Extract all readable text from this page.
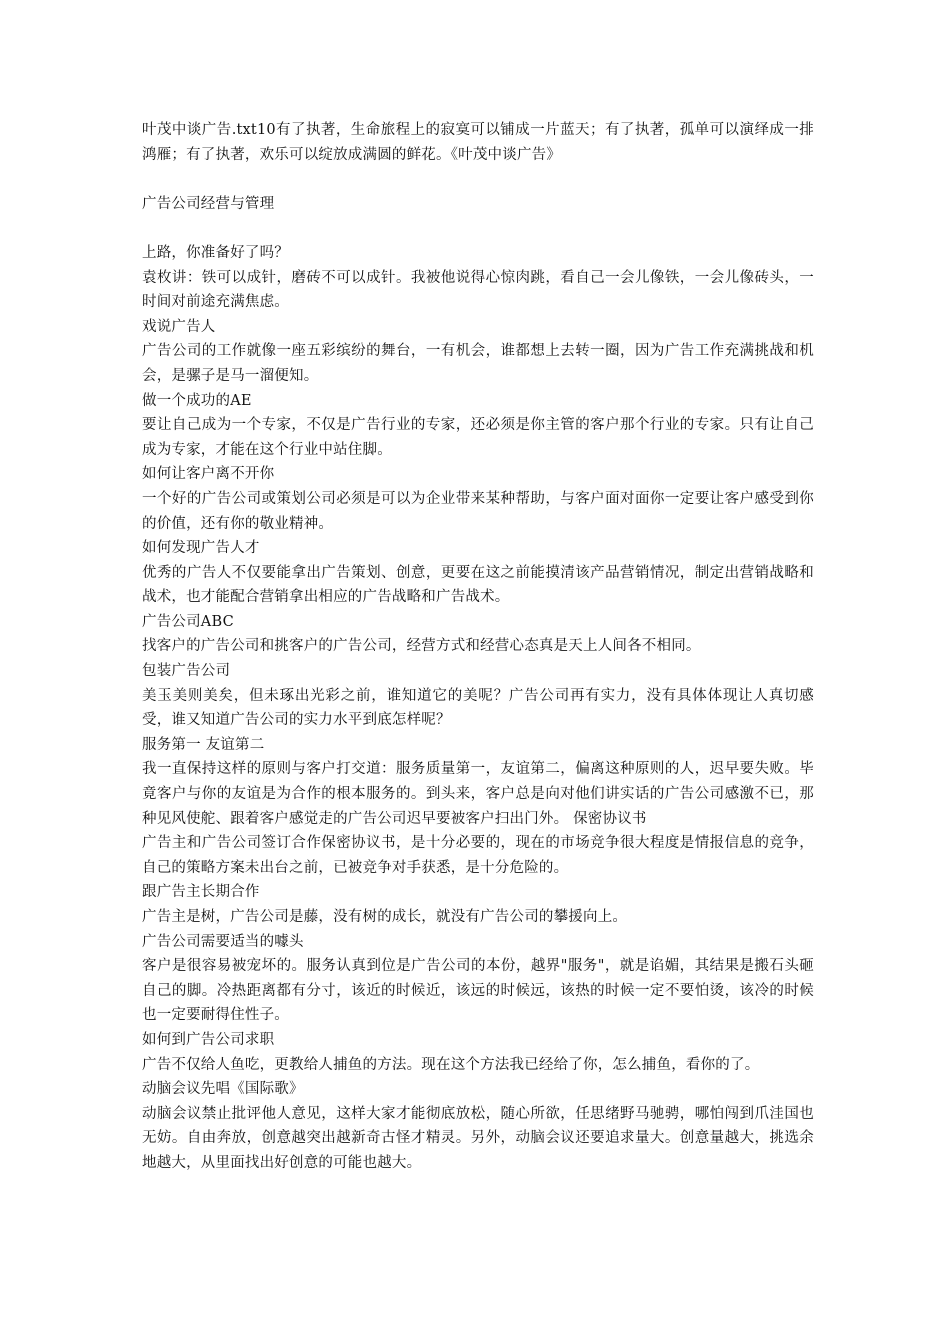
叶茂中谈广告.txt10有了执著，生命旅程上的寂寞可以铺成一片蓝天；有了执著，孤单可以演绎成一排鸿雁；有了执著，欢乐可以绽放成满圆的鲜花。《叶茂中谈广告》

广告公司经营与管理

上路，你准备好了吗？

袁枚讲：铁可以成针，磨砖不可以成针。我被他说得心惊肉跳，看自己一会儿像铁，一会儿像砖头，一时间对前途充满焦虑。

戏说广告人

广告公司的工作就像一座五彩缤纷的舞台，一有机会，谁都想上去转一圈，因为广告工作充满挑战和机会，是骡子是马一溜便知。

做一个成功的AE

要让自己成为一个专家，不仅是广告行业的专家，还必须是你主管的客户那个行业的专家。只有让自己成为专家，才能在这个行业中站住脚。

如何让客户离不开你

一个好的广告公司或策划公司必须是可以为企业带来某种帮助，与客户面对面你一定要让客户感受到你的价值，还有你的敬业精神。

如何发现广告人才

优秀的广告人不仅要能拿出广告策划、创意，更要在这之前能摸清该产品营销情况，制定出营销战略和战术，也才能配合营销拿出相应的广告战略和广告战术。

广告公司ABC

找客户的广告公司和挑客户的广告公司，经营方式和经营心态真是天上人间各不相同。

包装广告公司

美玉美则美矣，但未琢出光彩之前，谁知道它的美呢？广告公司再有实力，没有具体体现让人真切感受，谁又知道广告公司的实力水平到底怎样呢？

服务第一 友谊第二

我一直保持这样的原则与客户打交道：服务质量第一，友谊第二，偏离这种原则的人，迟早要失败。毕竟客户与你的友谊是为合作的根本服务的。到头来，客户总是向对他们讲实话的广告公司感激不已，那种见风使舵、跟着客户感觉走的广告公司迟早要被客户扫出门外。 保密协议书

广告主和广告公司签订合作保密协议书，是十分必要的，现在的市场竞争很大程度是情报信息的竞争，自己的策略方案未出台之前，已被竞争对手获悉，是十分危险的。

跟广告主长期合作

广告主是树，广告公司是藤，没有树的成长，就没有广告公司的攀援向上。

广告公司需要适当的噱头

客户是很容易被宠坏的。服务认真到位是广告公司的本份，越界"服务"，就是谄媚，其结果是搬石头砸自己的脚。冷热距离都有分寸，该近的时候近，该远的时候远，该热的时候一定不要怕烫，该冷的时候也一定要耐得住性子。

如何到广告公司求职

广告不仅给人鱼吃，更教给人捕鱼的方法。现在这个方法我已经给了你，怎么捕鱼，看你的了。

动脑会议先唱《国际歌》

动脑会议禁止批评他人意见，这样大家才能彻底放松，随心所欲，任思绪野马驰骋，哪怕闯到爪洼国也无妨。自由奔放，创意越突出越新奇古怪才精灵。另外，动脑会议还要追求量大。创意量越大，挑选余地越大，从里面找出好创意的可能也越大。
